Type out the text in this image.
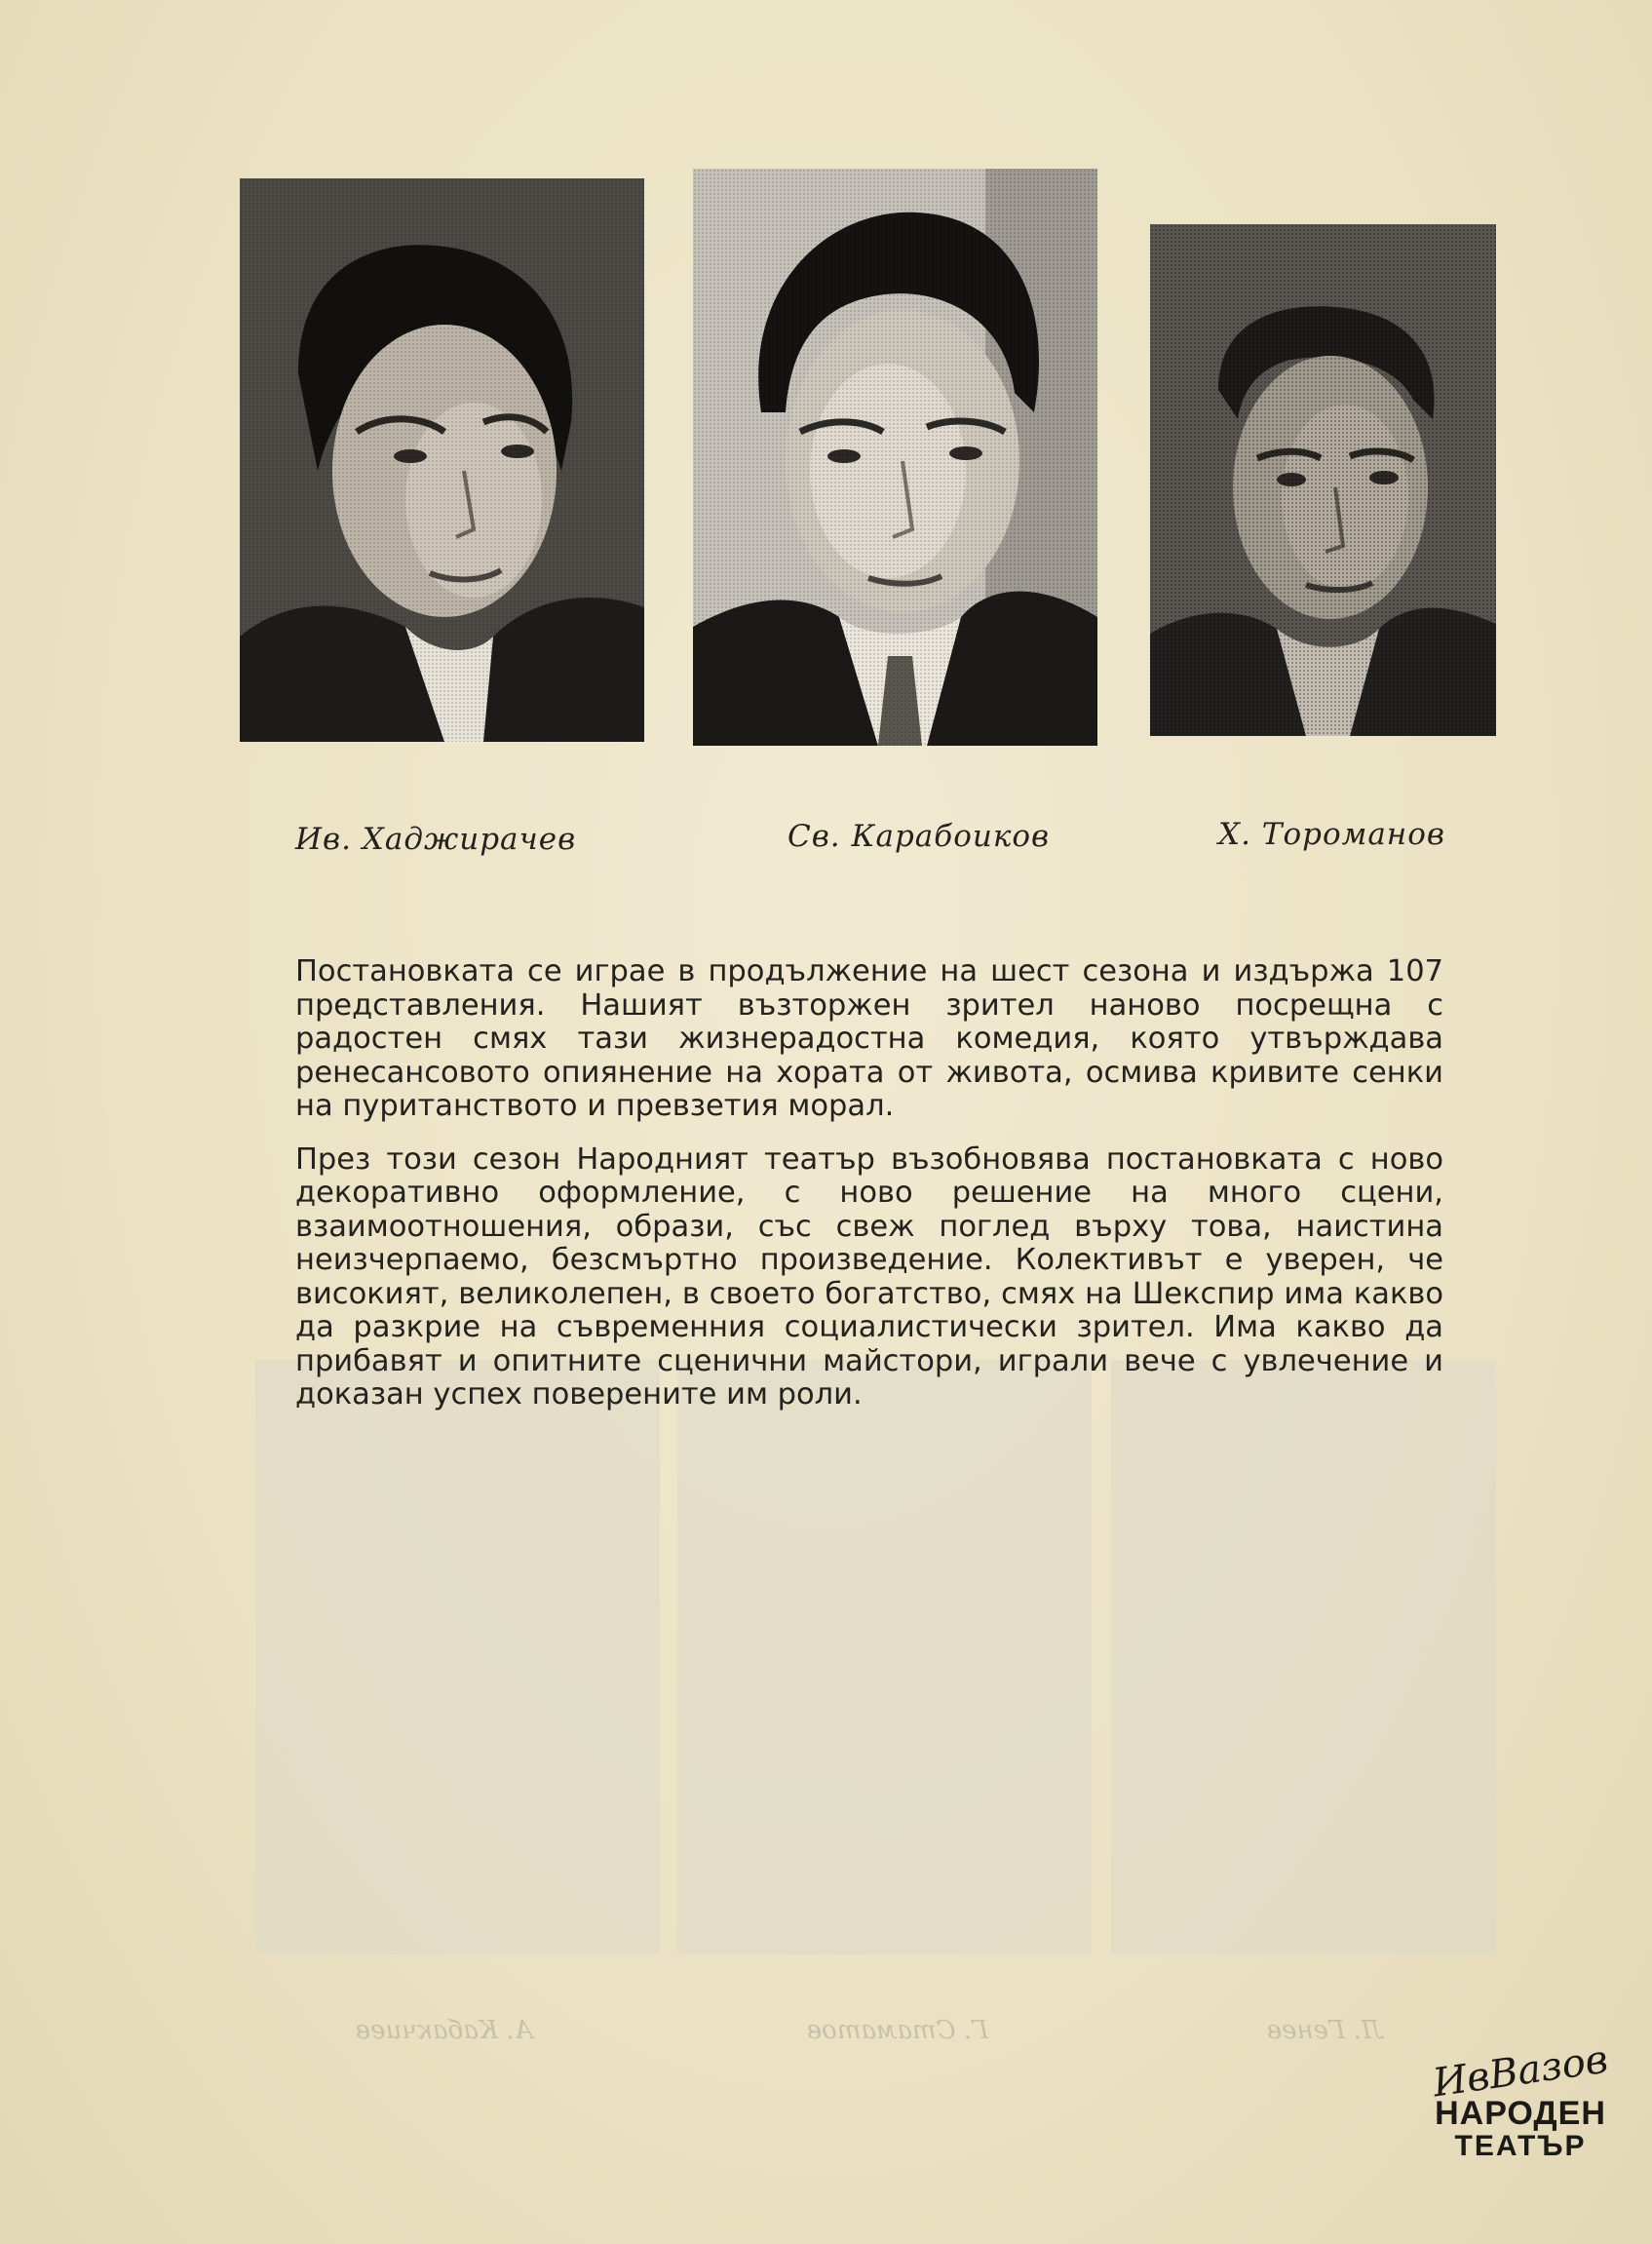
Ив. Хаджирачев	Св. Карабоиков	Х. Тороманов

Постановката се играе в продължение на шест сезона и издържа 107 представления. Нашият възторжен зрител наново посрещна с радостен смях тази жизнерадостна комедия, която утвърждава ренесансовото опиянение на хората от живота, осмива кривите сенки на пуританството и превзетия морал.

През този сезон Народният театър възобновява постановката с ново декоративно оформление, с ново решение на много сцени, взаимоотношения, образи, със свеж поглед върху това, наистина неизчерпаемо, безсмъртно произведение. Колективът е уверен, че високият, великолепен, в своето богатство, смях на Шекспир има какво да разкрие на съвременния социалистически зрител. Има какво да прибавят и опитните сценични майстори, играли вече с увлечение и доказан успех поверените им роли.

А. Кабакчиев	Г. Стаматов	Л. Генев
ИвВазов
НАРОДЕН
ТЕАТЪР
